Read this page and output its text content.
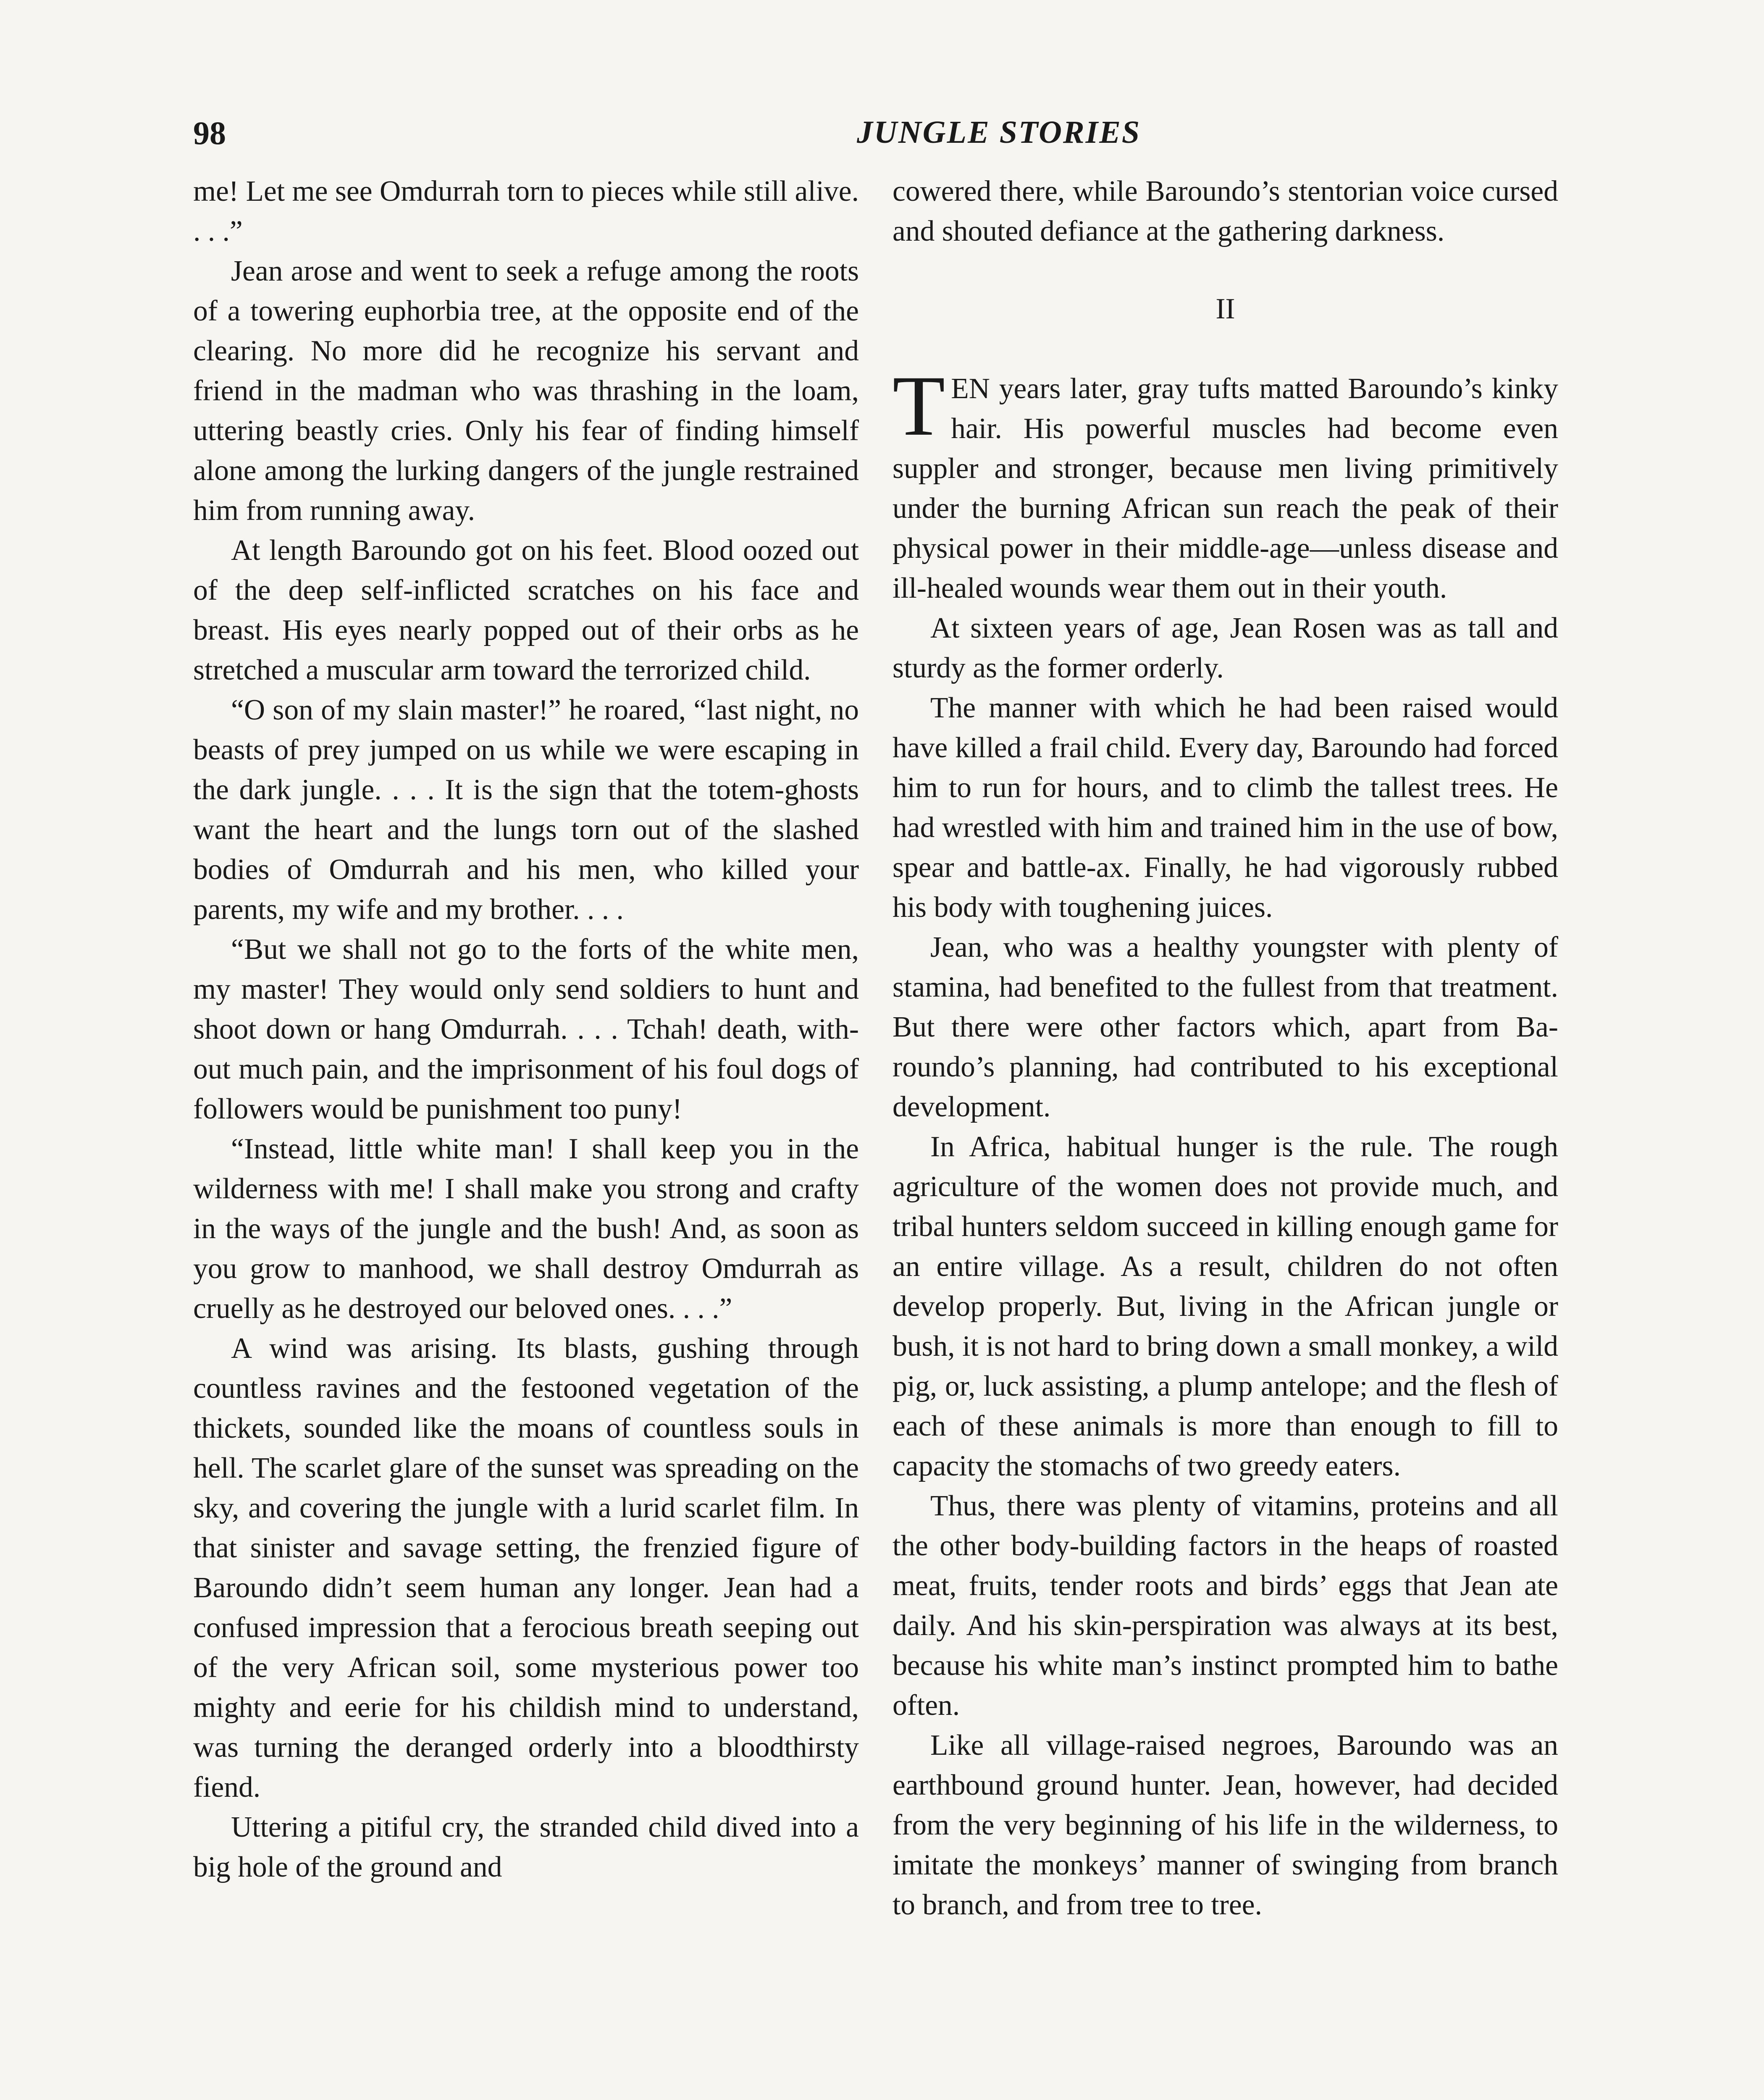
98	JUNGLE STORIES

me! Let me see Omdurrah torn to pieces while still alive. . . .”

Jean arose and went to seek a refuge among the roots of a towering euphorbia tree, at the opposite end of the clearing. No more did he recognize his servant and friend in the madman who was thrashing in the loam, uttering beastly cries. Only his fear of finding himself alone among the lurking dangers of the jungle restrained him from running away.

At length Baroundo got on his feet. Blood oozed out of the deep self-inflicted scratches on his face and breast. His eyes nearly popped out of their orbs as he stretched a muscular arm toward the terrorized child.

“O son of my slain master!” he roared, “last night, no beasts of prey jumped on us while we were escaping in the dark jungle. . . . It is the sign that the totem-ghosts want the heart and the lungs torn out of the slashed bodies of Omdurrah and his men, who killed your parents, my wife and my brother. . . .

“But we shall not go to the forts of the white men, my master! They would only send soldiers to hunt and shoot down or hang Omdurrah. . . . Tchah! death, without much pain, and the imprisonment of his foul dogs of followers would be punishment too puny!

“Instead, little white man! I shall keep you in the wilderness with me! I shall make you strong and crafty in the ways of the jungle and the bush! And, as soon as you grow to manhood, we shall destroy Omdurrah as cruelly as he destroyed our beloved ones. . . .”

A wind was arising. Its blasts, gushing through countless ravines and the festooned vegetation of the thickets, sounded like the moans of countless souls in hell. The scarlet glare of the sunset was spreading on the sky, and covering the jungle with a lurid scarlet film. In that sinister and savage setting, the frenzied figure of Baroundo didn’t seem human any longer. Jean had a confused impression that a ferocious breath seeping out of the very African soil, some mysterious power too mighty and eerie for his childish mind to understand, was turning the deranged orderly into a bloodthirsty fiend.

Uttering a pitiful cry, the stranded child dived into a big hole of the ground and

cowered there, while Baroundo’s stentorian voice cursed and shouted defiance at the gathering darkness.

II

TEN years later, gray tufts matted Baroundo’s kinky hair. His powerful muscles had become even suppler and stronger, because men living primitively under the burning African sun reach the peak of their physical power in their middle-age—unless disease and ill-healed wounds wear them out in their youth.

At sixteen years of age, Jean Rosen was as tall and sturdy as the former orderly.

The manner with which he had been raised would have killed a frail child. Every day, Baroundo had forced him to run for hours, and to climb the tallest trees. He had wrestled with him and trained him in the use of bow, spear and battle-ax. Finally, he had vigorously rubbed his body with toughening juices.

Jean, who was a healthy youngster with plenty of stamina, had benefited to the fullest from that treatment. But there were other factors which, apart from Baroundo’s planning, had contributed to his exceptional development.

In Africa, habitual hunger is the rule. The rough agriculture of the women does not provide much, and tribal hunters seldom succeed in killing enough game for an entire village. As a result, children do not often develop properly. But, living in the African jungle or bush, it is not hard to bring down a small monkey, a wild pig, or, luck assisting, a plump antelope; and the flesh of each of these animals is more than enough to fill to capacity the stomachs of two greedy eaters.

Thus, there was plenty of vitamins, proteins and all the other body-building factors in the heaps of roasted meat, fruits, tender roots and birds’ eggs that Jean ate daily. And his skin-perspiration was always at its best, because his white man’s instinct prompted him to bathe often.

Like all village-raised negroes, Baroundo was an earthbound ground hunter. Jean, however, had decided from the very beginning of his life in the wilderness, to imitate the monkeys’ manner of swinging from branch to branch, and from tree to tree.
